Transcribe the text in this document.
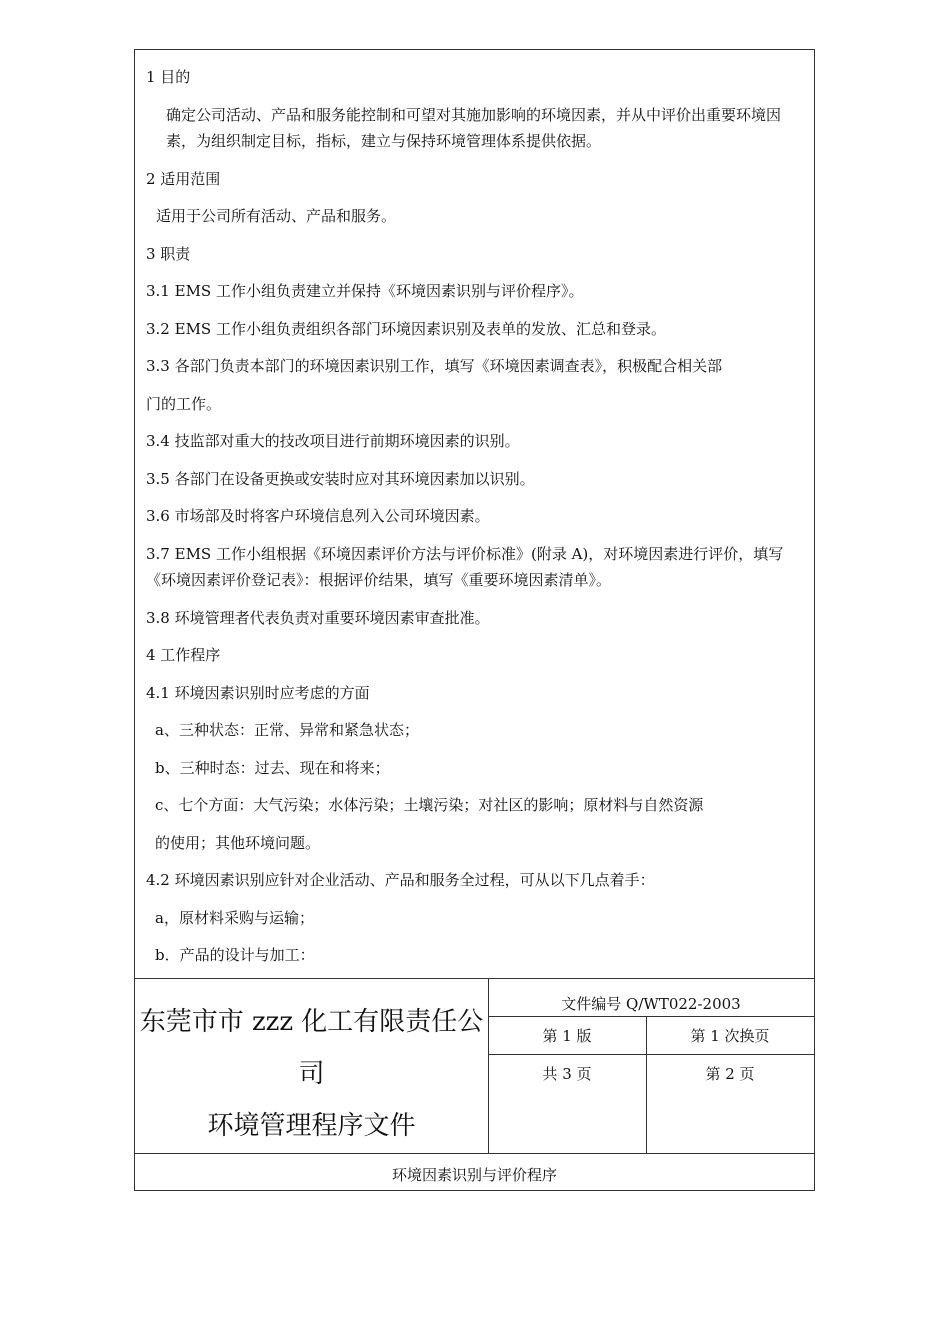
1 目的
确定公司活动、产品和服务能控制和可望对其施加影响的环境因素，并从中评价出重要环境因素，为组织制定目标，指标，建立与保持环境管理体系提供依据。
2 适用范围
适用于公司所有活动、产品和服务。
3 职责
3.1 EMS 工作小组负责建立并保持《环境因素识别与评价程序》。
3.2 EMS 工作小组负责组织各部门环境因素识别及表单的发放、汇总和登录。
3.3 各部门负责本部门的环境因素识别工作，填写《环境因素调查表》，积极配合相关部
门的工作。
3.4 技监部对重大的技改项目进行前期环境因素的识别。
3.5 各部门在设备更换或安装时应对其环境因素加以识别。
3.6 市场部及时将客户环境信息列入公司环境因素。
3.7 EMS 工作小组根据《环境因素评价方法与评价标准》(附录 A)，对环境因素进行评价，填写《环境因素评价登记表》：根据评价结果，填写《重要环境因素清单》。
3.8 环境管理者代表负责对重要环境因素审查批准。
4 工作程序
4.1 环境因素识别时应考虑的方面
a、三种状态：正常、异常和紧急状态；
b、三种时态：过去、现在和将来；
c、七个方面：大气污染；水体污染；土壤污染；对社区的影响；原材料与自然资源
的使用；其他环境问题。
4.2 环境因素识别应针对企业活动、产品和服务全过程，可从以下几点着手：
a，原材料采购与运输；
b．产品的设计与加工：
东莞市市 zzz 化工有限责任公
司
环境管理程序文件
文件编号 Q/WT022-2003
第 1 版	第 1 次换页
共 3 页	第 2 页
环境因素识别与评价程序
